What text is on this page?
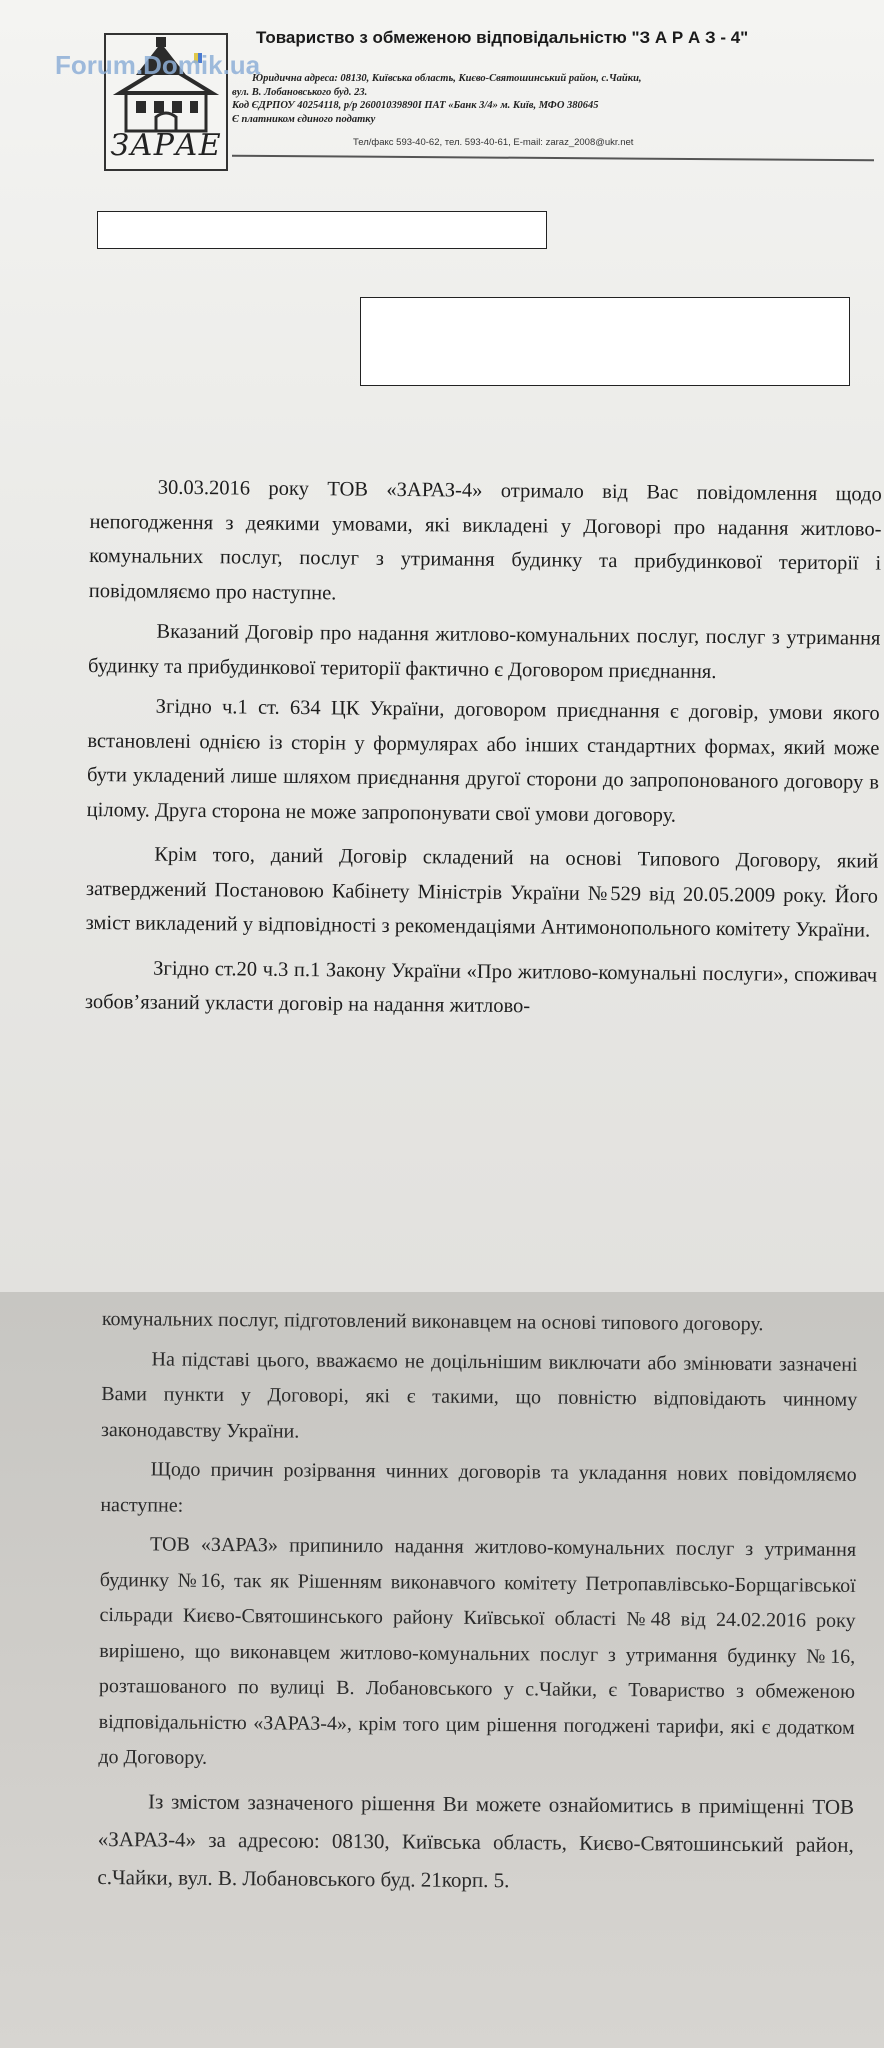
ЗАРАЕ
Forum.Domik.ua
Товариство з обмеженою відповідальністю "З А Р А З - 4"
Юридична адреса: 08130, Київська область, Києво-Святошинський район, с.Чайки,
вул. В. Лобановського буд. 23.
Код ЄДРПОУ 40254118, р/р 26001039890І ПАТ «Банк 3/4» м. Київ, МФО 380645
Є платником єдиного податку
Тел/факс 593-40-62, тел. 593-40-61, E-mail: zaraz_2008@ukr.net

30.03.2016 року ТОВ «ЗАРАЗ-4» отримало від Вас повідомлення щодо непогодження з деякими умовами, які викладені у Договорі про надання житлово-комунальних послуг, послуг з утримання будинку та прибудинкової території і повідомляємо про наступне.

Вказаний Договір про надання житлово-комунальних послуг, послуг з утримання будинку та прибудинкової території фактично є Договором приєднання.

Згідно ч.1 ст. 634 ЦК України, договором приєднання є договір, умови якого встановлені однією із сторін у формулярах або інших стандартних формах, який може бути укладений лише шляхом приєднання другої сторони до запропонованого договору в цілому. Друга сторона не може запропонувати свої умови договору.

Крім того, даний Договір складений на основі Типового Договору, який затверджений Постановою Кабінету Міністрів України №529 від 20.05.2009 року. Його зміст викладений у відповідності з рекомендаціями Антимонопольного комітету України.

Згідно ст.20 ч.3 п.1 Закону України «Про житлово-комунальні послуги», споживач зобов’язаний укласти договір на надання житлово-

комунальних послуг, підготовлений виконавцем на основі типового договору.

На підставі цього, вважаємо не доцільнішим виключати або змінювати зазначені Вами пункти у Договорі, які є такими, що повністю відповідають чинному законодавству України.

Щодо причин розірвання чинних договорів та укладання нових повідомляємо наступне:

ТОВ «ЗАРАЗ» припинило надання житлово-комунальних послуг з утримання будинку №16, так як Рішенням виконавчого комітету Петропавлівсько-Борщагівської сільради Києво-Святошинського району Київської області №48 від 24.02.2016 року вирішено, що виконавцем житлово-комунальних послуг з утримання будинку №16, розташованого по вулиці В. Лобановського у с.Чайки, є Товариство з обмеженою відповідальністю «ЗАРАЗ-4», крім того цим рішення погоджені тарифи, які є додатком до Договору.

Із змістом зазначеного рішення Ви можете ознайомитись в приміщенні ТОВ «ЗАРАЗ-4» за адресою: 08130, Київська область, Києво-Святошинський район, с.Чайки, вул. В. Лобановського буд. 21корп. 5.
